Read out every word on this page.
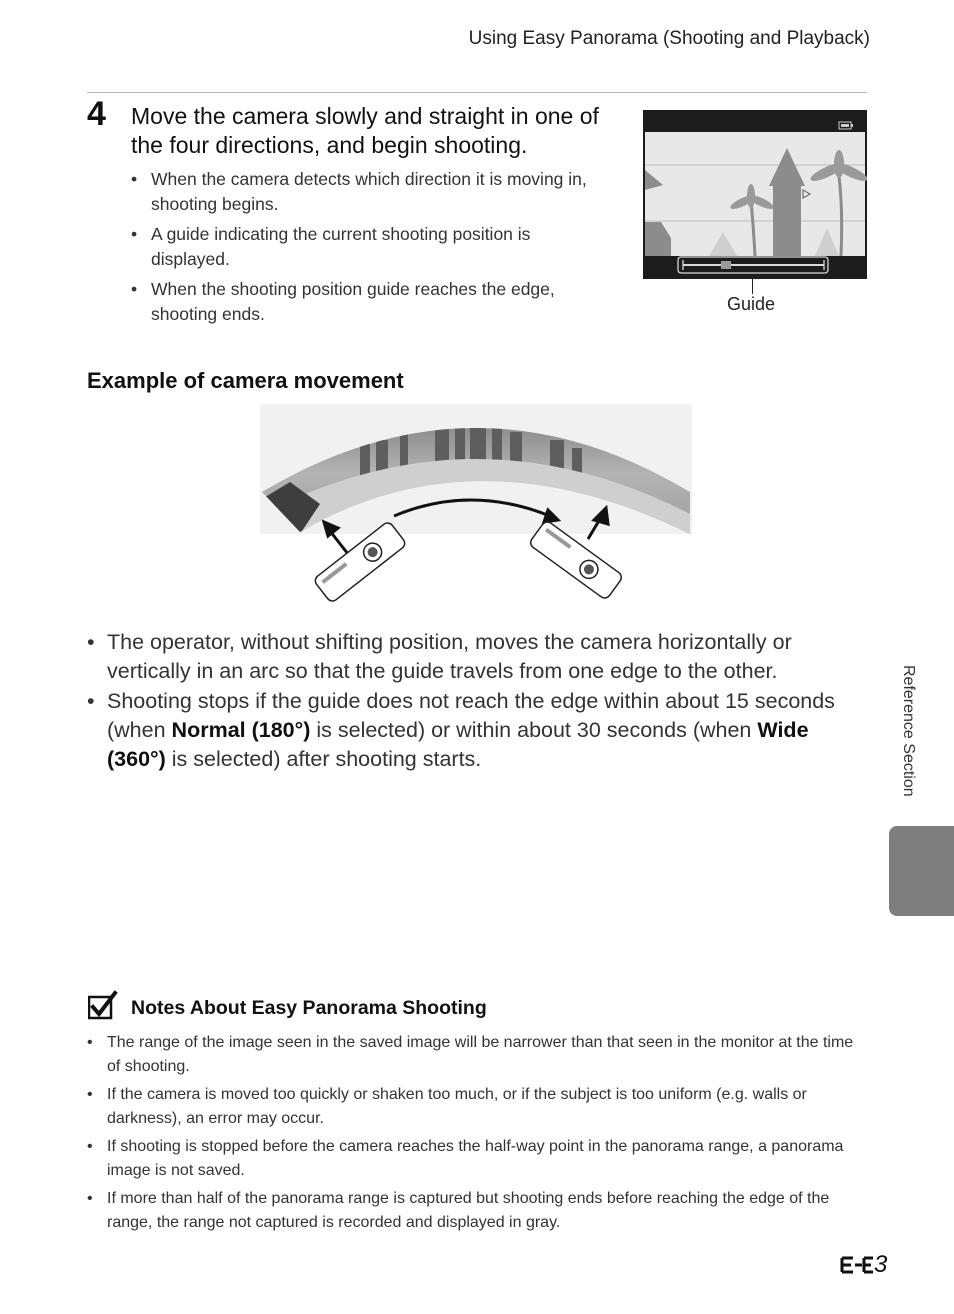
Using Easy Panorama (Shooting and Playback)
4 Move the camera slowly and straight in one of the four directions, and begin shooting.
• When the camera detects which direction it is moving in, shooting begins.
• A guide indicating the current shooting position is displayed.
• When the shooting position guide reaches the edge, shooting ends.	Guide
Example of camera movement
• The operator, without shifting position, moves the camera horizontally or vertically in an arc so that the guide travels from one edge to the other.
• Shooting stops if the guide does not reach the edge within about 15 seconds (when Normal (180°) is selected) or within about 30 seconds (when Wide (360°) is selected) after shooting starts.
Notes About Easy Panorama Shooting
• The range of the image seen in the saved image will be narrower than that seen in the monitor at the time of shooting.
• If the camera is moved too quickly or shaken too much, or if the subject is too uniform (e.g. walls or darkness), an error may occur.
• If shooting is stopped before the camera reaches the half-way point in the panorama range, a panorama image is not saved.
• If more than half of the panorama range is captured but shooting ends before reaching the edge of the range, the range not captured is recorded and displayed in gray.
Reference Section
3
